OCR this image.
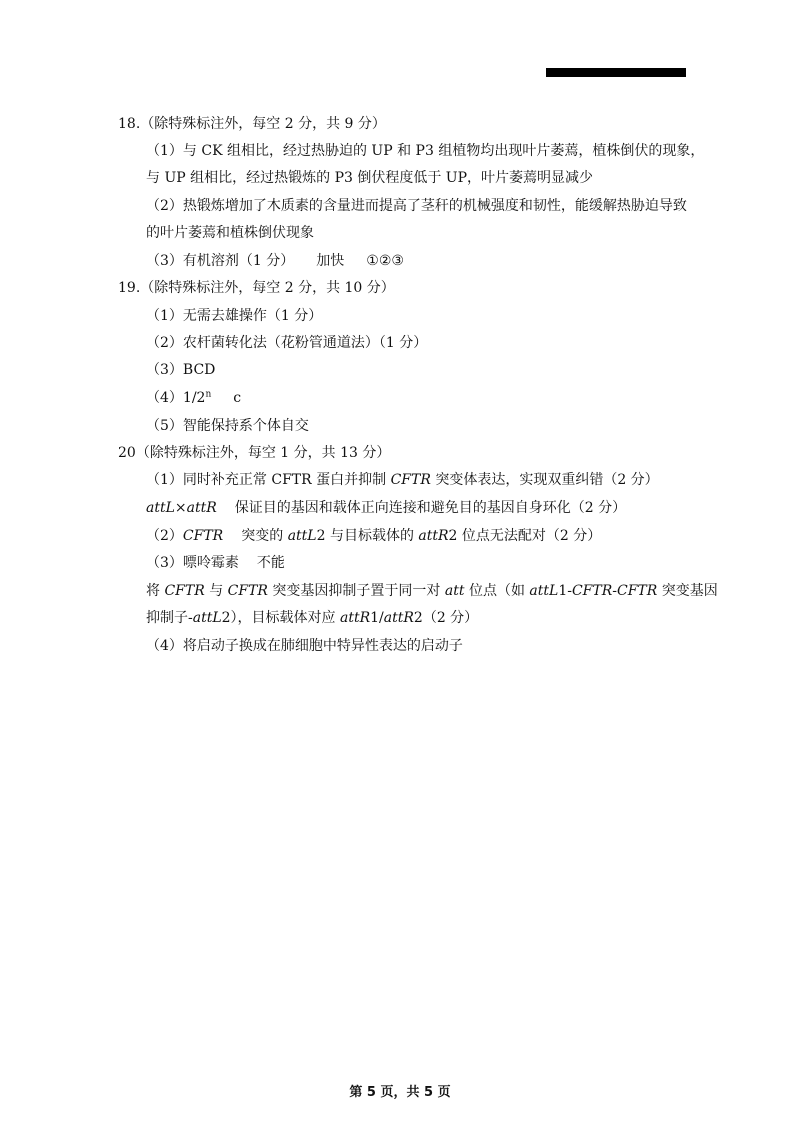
18.（除特殊标注外，每空 2 分，共 9 分）
（1）与 CK 组相比，经过热胁迫的 UP 和 P3 组植物均出现叶片萎蔫，植株倒伏的现象，
与 UP 组相比，经过热锻炼的 P3 倒伏程度低于 UP，叶片萎蔫明显减少
（2）热锻炼增加了木质素的含量进而提高了茎秆的机械强度和韧性，能缓解热胁迫导致
的叶片萎蔫和植株倒伏现象
（3）有机溶剂（1 分） 加快 ①②③
19.（除特殊标注外，每空 2 分，共 10 分）
（1）无需去雄操作（1 分）
（2）农杆菌转化法（花粉管通道法）（1 分）
（3）BCD
（4）1/2$^n$ c
（5）智能保持系个体自交
20（除特殊标注外，每空 1 分，共 13 分）
（1）同时补充正常 CFTR 蛋白并抑制 CFTR 突变体表达，实现双重纠错（2 分）
attL×attR 保证目的基因和载体正向连接和避免目的基因自身环化（2 分）
（2）CFTR 突变的 attL2 与目标载体的 attR2 位点无法配对（2 分）
（3）嘌呤霉素 不能
将 CFTR 与 CFTR 突变基因抑制子置于同一对 att 位点（如 attL1-CFTR-CFTR 突变基因
抑制子-attL2），目标载体对应 attR1/attR2（2 分）
（4）将启动子换成在肺细胞中特异性表达的启动子
第 5 页，共 5 页
